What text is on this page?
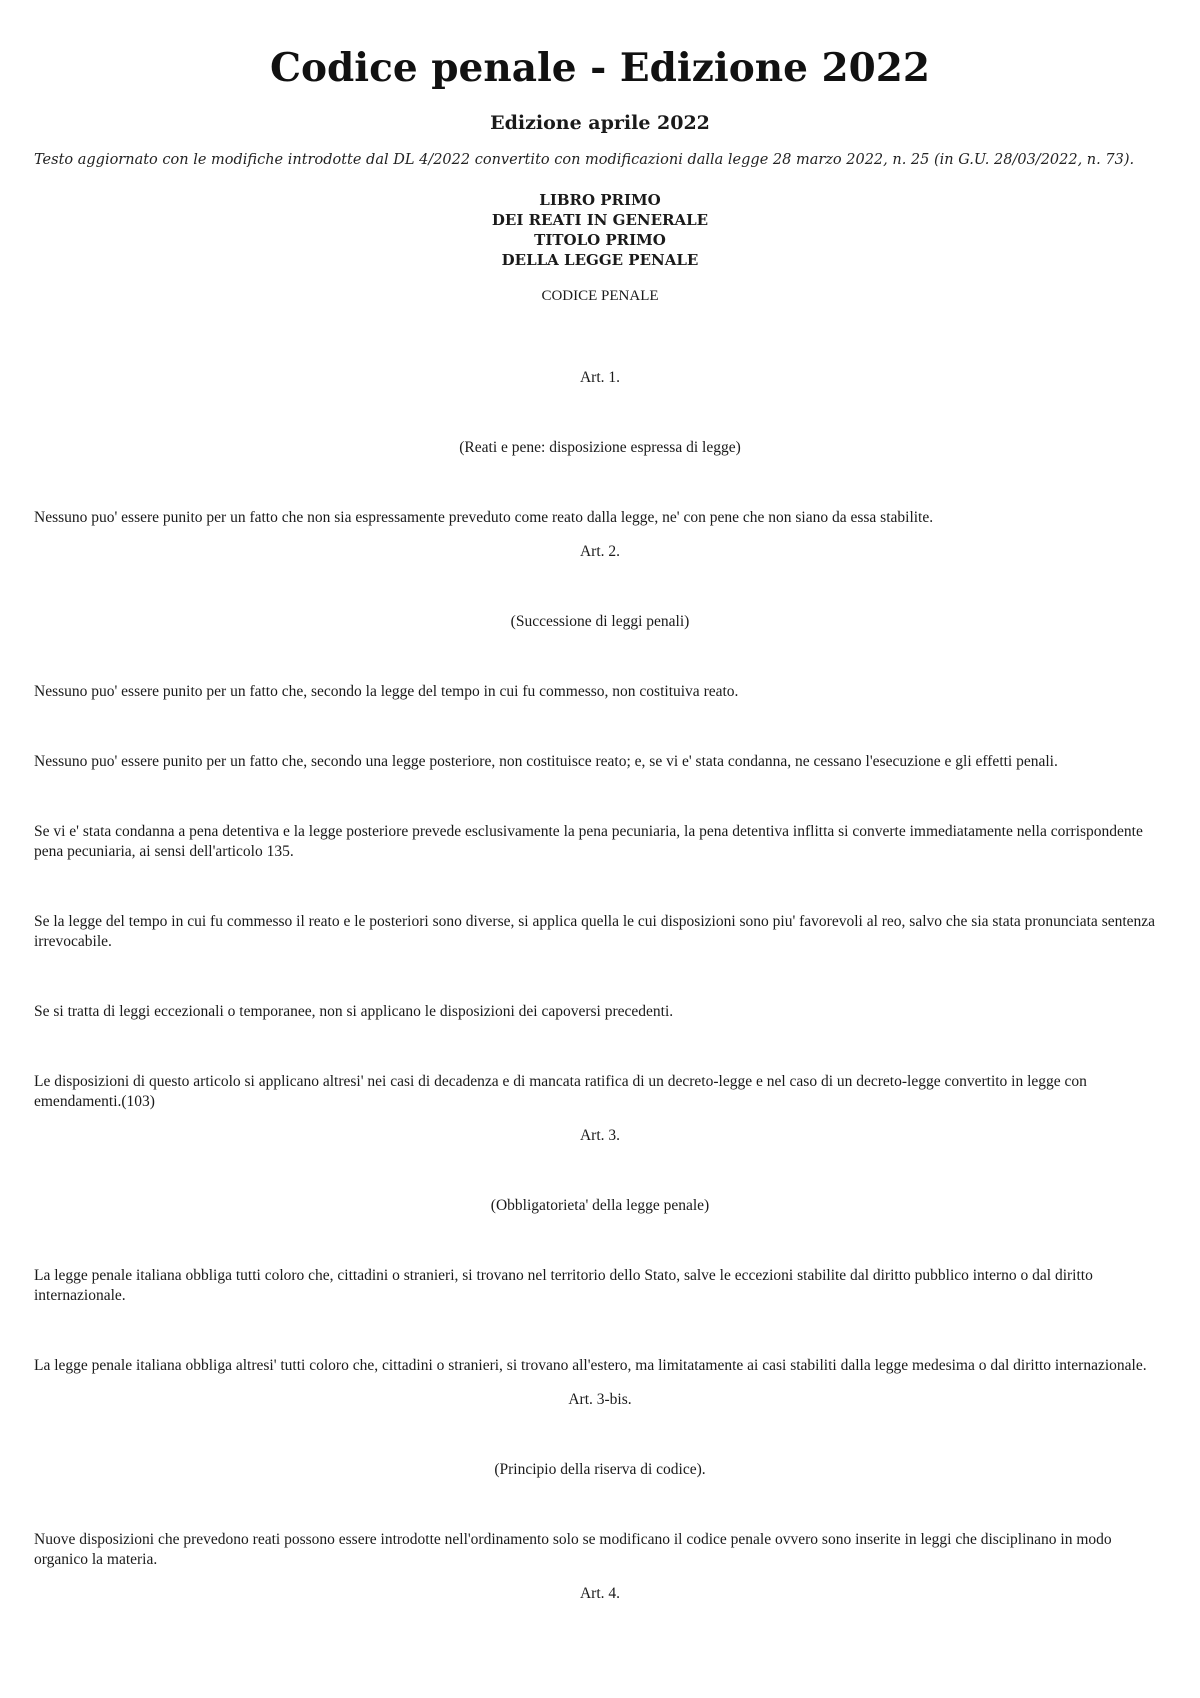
Codice penale - Edizione 2022
Edizione aprile 2022
Testo aggiornato con le modifiche introdotte dal DL 4/2022 convertito con modificazioni dalla legge 28 marzo 2022, n. 25 (in G.U. 28/03/2022, n. 73).
LIBRO PRIMO
DEI REATI IN GENERALE
TITOLO PRIMO
DELLA LEGGE PENALE
CODICE PENALE
Art. 1.
(Reati e pene: disposizione espressa di legge)

Nessuno puo' essere punito per un fatto che non sia espressamente preveduto come reato dalla legge, ne' con pene che non siano da essa stabilite.

Art. 2.
(Successione di leggi penali)

Nessuno puo' essere punito per un fatto che, secondo la legge del tempo in cui fu commesso, non costituiva reato.

Nessuno puo' essere punito per un fatto che, secondo una legge posteriore, non costituisce reato; e, se vi e' stata condanna, ne cessano l'esecuzione e gli effetti penali.

Se vi e' stata condanna a pena detentiva e la legge posteriore prevede esclusivamente la pena pecuniaria, la pena detentiva inflitta si converte immediatamente nella corrispondente pena pecuniaria, ai sensi dell'articolo 135.

Se la legge del tempo in cui fu commesso il reato e le posteriori sono diverse, si applica quella le cui disposizioni sono piu' favorevoli al reo, salvo che sia stata pronunciata sentenza irrevocabile.

Se si tratta di leggi eccezionali o temporanee, non si applicano le disposizioni dei capoversi precedenti.

Le disposizioni di questo articolo si applicano altresi' nei casi di decadenza e di mancata ratifica di un decreto-legge e nel caso di un decreto-legge convertito in legge con emendamenti.(103)

Art. 3.
(Obbligatorieta' della legge penale)

La legge penale italiana obbliga tutti coloro che, cittadini o stranieri, si trovano nel territorio dello Stato, salve le eccezioni stabilite dal diritto pubblico interno o dal diritto internazionale.

La legge penale italiana obbliga altresi' tutti coloro che, cittadini o stranieri, si trovano all'estero, ma limitatamente ai casi stabiliti dalla legge medesima o dal diritto internazionale.

Art. 3-bis.
(Principio della riserva di codice).

Nuove disposizioni che prevedono reati possono essere introdotte nell'ordinamento solo se modificano il codice penale ovvero sono inserite in leggi che disciplinano in modo organico la materia.

Art. 4.
